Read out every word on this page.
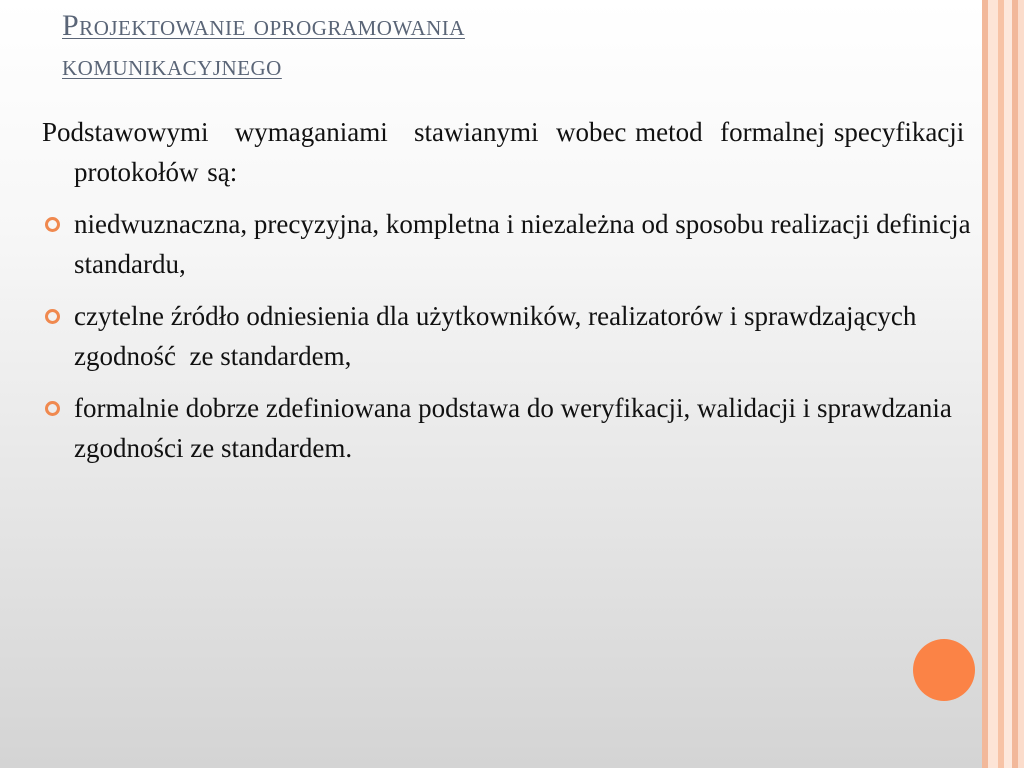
Projektowanie oprogramowania
komunikacyjnego

Podstawowymi   wymaganiami   stawianymi  wobec metod  formalnej specyfikacji protokołów są:

niedwuznaczna, precyzyjna, kompletna i niezależna od sposobu realizacji definicja standardu,
czytelne źródło odniesienia dla użytkowników, realizatorów i sprawdzających zgodność  ze standardem,
formalnie dobrze zdefiniowana podstawa do weryfikacji, walidacji i sprawdzania zgodności ze standardem.
